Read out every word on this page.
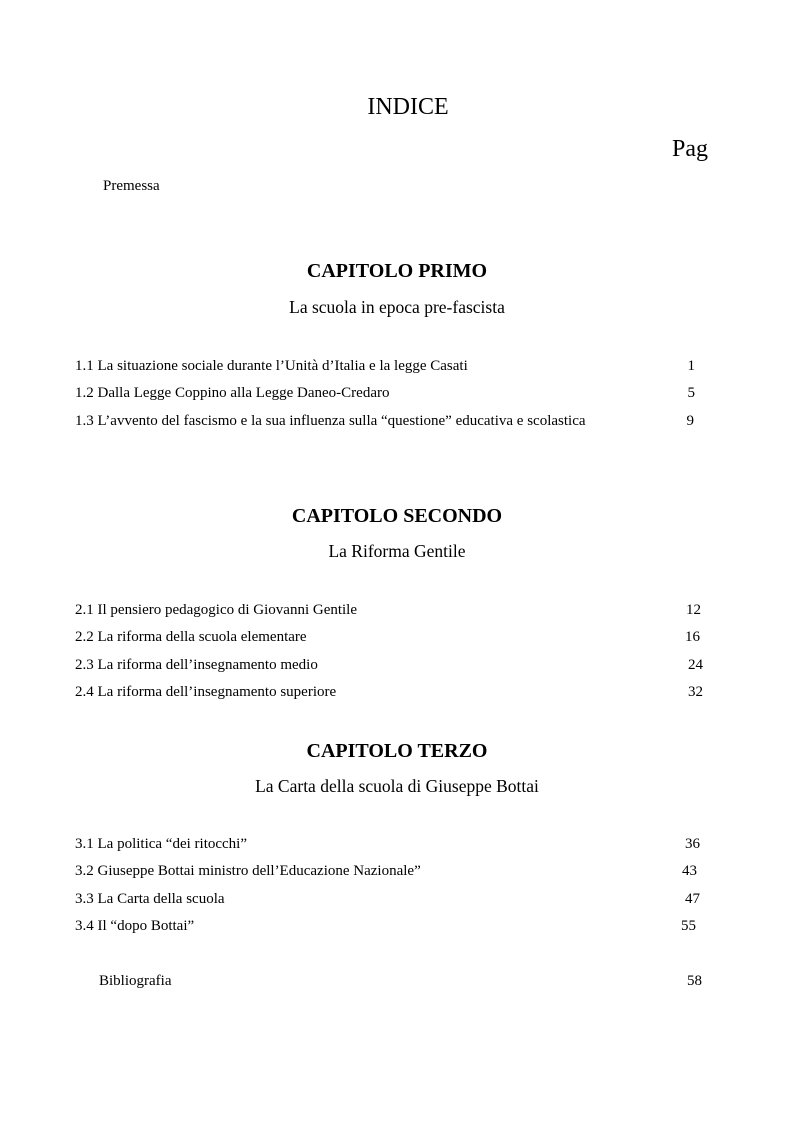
INDICE
Pag
Premessa
CAPITOLO PRIMO
La scuola in epoca pre-fascista
1.1 La situazione sociale durante l’Unità d’Italia e la legge Casati	1
1.2 Dalla Legge Coppino alla Legge Daneo-Credaro	5
1.3 L’avvento del fascismo e la sua influenza sulla “questione” educativa e scolastica	9
CAPITOLO SECONDO
La Riforma Gentile
2.1 Il pensiero pedagogico di Giovanni Gentile	12
2.2 La riforma della scuola elementare	16
2.3 La riforma dell’insegnamento medio	24
2.4 La riforma dell’insegnamento superiore	32
CAPITOLO TERZO
La Carta della scuola di Giuseppe Bottai
3.1 La politica “dei ritocchi”	36
3.2 Giuseppe Bottai ministro dell’Educazione Nazionale”	43
3.3 La Carta della scuola	47
3.4 Il “dopo Bottai”	55
Bibliografia	58
